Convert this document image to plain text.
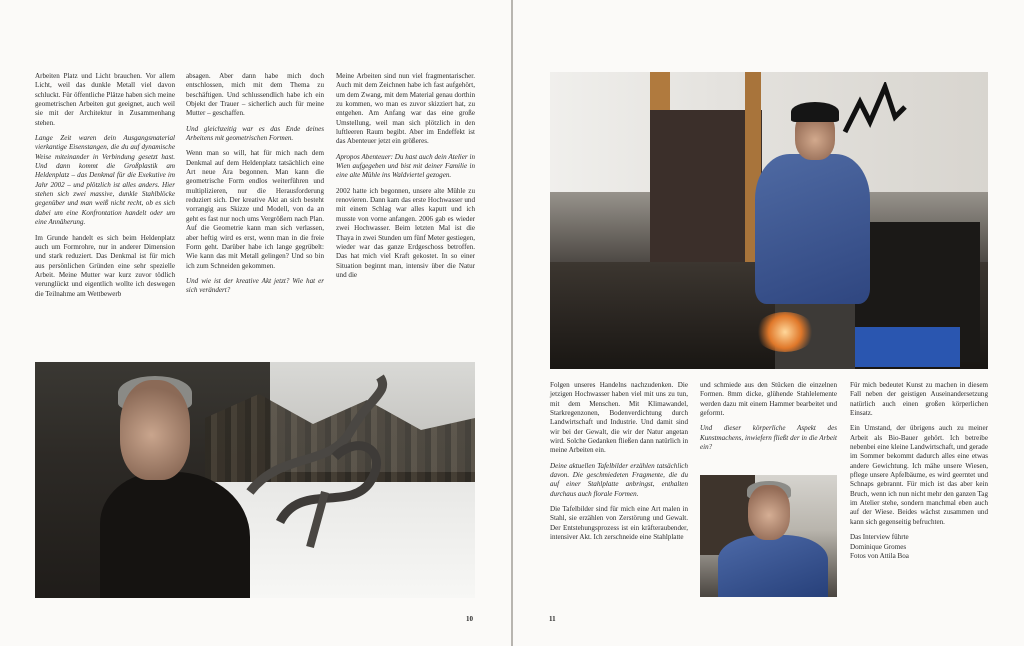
Arbeiten Platz und Licht brauchen. Vor allem Licht, weil das dunkle Metall viel davon schluckt. Für öffentliche Plätze haben sich meine geometrischen Arbeiten gut geeignet, auch weil sie mit der Architektur in Zusammenhang stehen.

Lange Zeit waren dein Ausgangsmaterial vierkantige Eisenstangen, die du auf dynamische Weise miteinander in Verbindung gesetzt hast. Und dann kommt die Großplastik am Heldenplatz – das Denkmal für die Exekutive im Jahr 2002 – und plötzlich ist alles anders. Hier stehen sich zwei massive, dunkle Stahlblöcke gegenüber und man weiß nicht recht, ob es sich dabei um eine Konfrontation handelt oder um eine Annäherung.

Im Grunde handelt es sich beim Heldenplatz auch um Formrohre, nur in anderer Dimension und stark reduziert. Das Denkmal ist für mich aus persönlichen Gründen eine sehr spezielle Arbeit. Meine Mutter war kurz zuvor tödlich verunglückt und eigentlich wollte ich deswegen die Teilnahme am Wettbewerb

absagen. Aber dann habe mich doch entschlossen, mich mit dem Thema zu beschäftigen. Und schlussendlich habe ich ein Objekt der Trauer – sicherlich auch für meine Mutter – geschaffen.

Und gleichzeitig war es das Ende deines Arbeitens mit geometrischen Formen.

Wenn man so will, hat für mich nach dem Denkmal auf dem Heldenplatz tatsächlich eine Art neue Ära begonnen. Man kann die geometrische Form endlos weiterführen und multiplizieren, nur die Herausforderung reduziert sich. Der kreative Akt an sich besteht vorrangig aus Skizze und Modell, von da an geht es fast nur noch ums Vergrößern nach Plan. Auf die Geometrie kann man sich verlassen, aber heftig wird es erst, wenn man in die freie Form geht. Darüber habe ich lange gegrübelt: Wie kann das mit Metall gelingen? Und so bin ich zum Schneiden gekommen.

Und wie ist der kreative Akt jetzt? Wie hat er sich verändert?

Meine Arbeiten sind nun viel fragmentarischer. Auch mit dem Zeichnen habe ich fast aufgehört, um dem Zwang, mit dem Material genau dorthin zu kommen, wo man es zuvor skizziert hat, zu entgehen. Am Anfang war das eine große Umstellung, weil man sich plötzlich in den luftleeren Raum begibt. Aber im Endeffekt ist das Abenteuer jetzt ein größeres.

Apropos Abenteuer: Du hast auch dein Atelier in Wien aufgegeben und bist mit deiner Familie in eine alte Mühle ins Waldviertel gezogen.

2002 hatte ich begonnen, unsere alte Mühle zu renovieren. Dann kam das erste Hochwasser und mit einem Schlag war alles kaputt und ich musste von vorne anfangen. 2006 gab es wieder zwei Hochwasser. Beim letzten Mal ist die Thaya in zwei Stunden um fünf Meter gestiegen, wieder war das ganze Erdgeschoss betroffen. Das hat mich viel Kraft gekostet. In so einer Situation beginnt man, intensiv über die Natur und die

10	11

Folgen unseres Handelns nachzudenken. Die jetzigen Hochwasser haben viel mit uns zu tun, mit dem Menschen. Mit Klimawandel, Starkregenzonen, Bodenverdichtung durch Landwirtschaft und Industrie. Und damit sind wir bei der Gewalt, die wir der Natur angetan wird. Solche Gedanken fließen dann natürlich in meine Arbeiten ein.

Deine aktuellen Tafelbilder erzählen tatsächlich davon. Die geschmiedeten Fragmente, die du auf einer Stahlplatte anbringst, enthalten durchaus auch florale Formen.

Die Tafelbilder sind für mich eine Art malen in Stahl, sie erzählen von Zerstörung und Gewalt. Der Entstehungsprozess ist ein kräfteraubender, intensiver Akt. Ich zerschneide eine Stahlplatte

und schmiede aus den Stücken die einzelnen Formen. 8mm dicke, glühende Stahlelemente werden dazu mit einem Hammer bearbeitet und geformt.

Und dieser körperliche Aspekt des Kunstmachens, inwiefern fließt der in die Arbeit ein?

Für mich bedeutet Kunst zu machen in diesem Fall neben der geistigen Auseinandersetzung natürlich auch einen großen körperlichen Einsatz.

Ein Umstand, der übrigens auch zu meiner Arbeit als Bio-Bauer gehört. Ich betreibe nebenbei eine kleine Landwirtschaft, und gerade im Sommer bekommt dadurch alles eine etwas andere Gewichtung. Ich mähe unsere Wiesen, pflege unsere Apfelbäume, es wird geerntet und Schnaps gebrannt. Für mich ist das aber kein Bruch, wenn ich nun nicht mehr den ganzen Tag im Atelier stehe, sondern manchmal eben auch auf der Wiese. Beides wächst zusammen und kann sich gegenseitig befruchten.

Das Interview führte
Dominique Gromes
Fotos von Attila Boa
